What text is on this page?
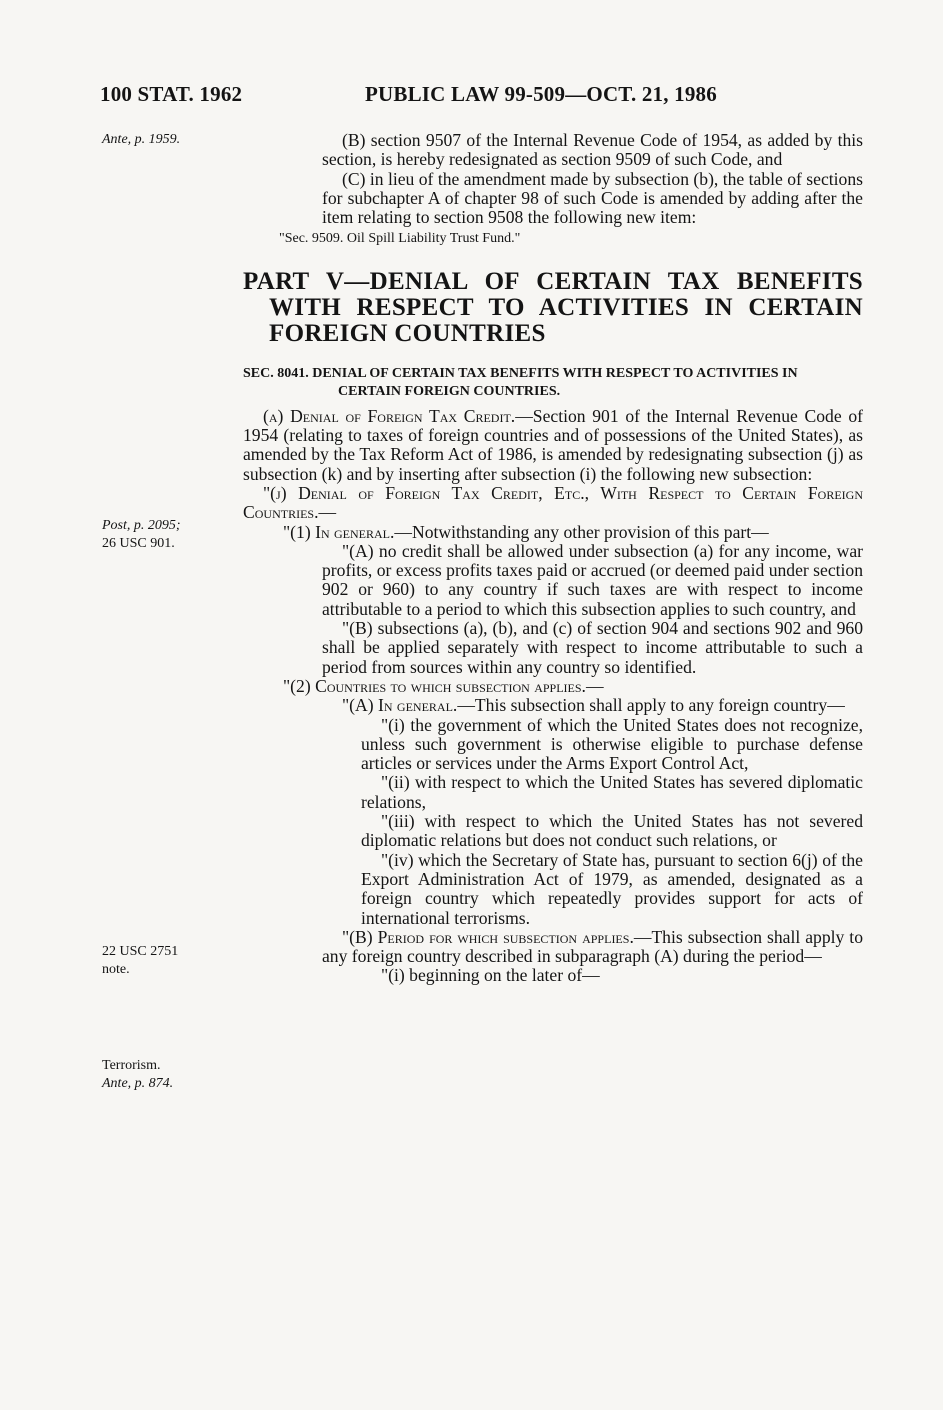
100 STAT. 1962	PUBLIC LAW 99-509—OCT. 21, 1986
Ante, p. 1959.
Post, p. 2095;
26 USC 901.
22 USC 2751
note.
Terrorism.
Ante, p. 874.

(B) section 9507 of the Internal Revenue Code of 1954, as added by this section, is hereby redesignated as section 9509 of such Code, and

(C) in lieu of the amendment made by subsection (b), the table of sections for subchapter A of chapter 98 of such Code is amended by adding after the item relating to section 9508 the following new item:

"Sec. 9509. Oil Spill Liability Trust Fund."

PART V—DENIAL OF CERTAIN TAX BENEFITS WITH RESPECT TO ACTIVITIES IN CERTAIN FOREIGN COUNTRIES

SEC. 8041. DENIAL OF CERTAIN TAX BENEFITS WITH RESPECT TO ACTIVITIES IN CERTAIN FOREIGN COUNTRIES.

(a) Denial of Foreign Tax Credit.—Section 901 of the Internal Revenue Code of 1954 (relating to taxes of foreign countries and of possessions of the United States), as amended by the Tax Reform Act of 1986, is amended by redesignating subsection (j) as subsection (k) and by inserting after subsection (i) the following new subsection:

"(j) Denial of Foreign Tax Credit, Etc., With Respect to Certain Foreign Countries.—

"(1) In general.—Notwithstanding any other provision of this part—

"(A) no credit shall be allowed under subsection (a) for any income, war profits, or excess profits taxes paid or accrued (or deemed paid under section 902 or 960) to any country if such taxes are with respect to income attributable to a period to which this subsection applies to such country, and

"(B) subsections (a), (b), and (c) of section 904 and sections 902 and 960 shall be applied separately with respect to income attributable to such a period from sources within any country so identified.

"(2) Countries to which subsection applies.—

"(A) In general.—This subsection shall apply to any foreign country—

"(i) the government of which the United States does not recognize, unless such government is otherwise eligible to purchase defense articles or services under the Arms Export Control Act,

"(ii) with respect to which the United States has severed diplomatic relations,

"(iii) with respect to which the United States has not severed diplomatic relations but does not conduct such relations, or

"(iv) which the Secretary of State has, pursuant to section 6(j) of the Export Administration Act of 1979, as amended, designated as a foreign country which repeatedly provides support for acts of international terrorisms.

"(B) Period for which subsection applies.—This subsection shall apply to any foreign country described in subparagraph (A) during the period—

"(i) beginning on the later of—
